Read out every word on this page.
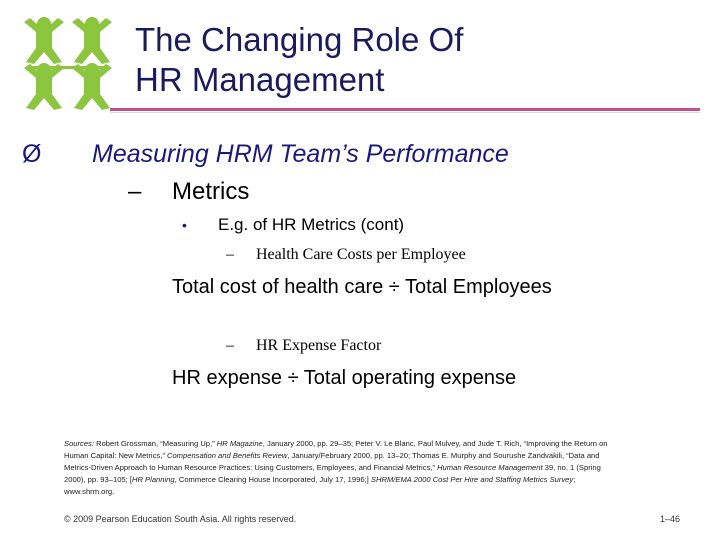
The Changing Role Of
HR Management
Ø Measuring HRM Team’s Performance
– Metrics
• E.g. of HR Metrics (cont)
– Health Care Costs per Employee
Total cost of health care ÷ Total Employees
– HR Expense Factor
HR expense ÷ Total operating expense
Sources: Robert Grossman, “Measuring Up,” HR Magazine, January 2000, pp. 29–35; Peter V. Le Blanc, Paul Mulvey, and Jude T. Rich, “Improving the Return on Human Capital: New Metrics,” Compensation and Benefits Review, January/February 2000, pp. 13–20; Thomas E. Murphy and Sourushe Zandvakili, “Data and Metrics-Driven Approach to Human Resource Practices: Using Customers, Employees, and Financial Metrics,” Human Resource Management 39, no. 1 (Spring 2000), pp. 93–105; [HR Planning, Commerce Clearing House Incorporated, July 17, 1996;] SHRM/EMA 2000 Cost Per Hire and Staffing Metrics Survey; www.shrm.org.
© 2009 Pearson Education South Asia. All rights reserved.	1–46
